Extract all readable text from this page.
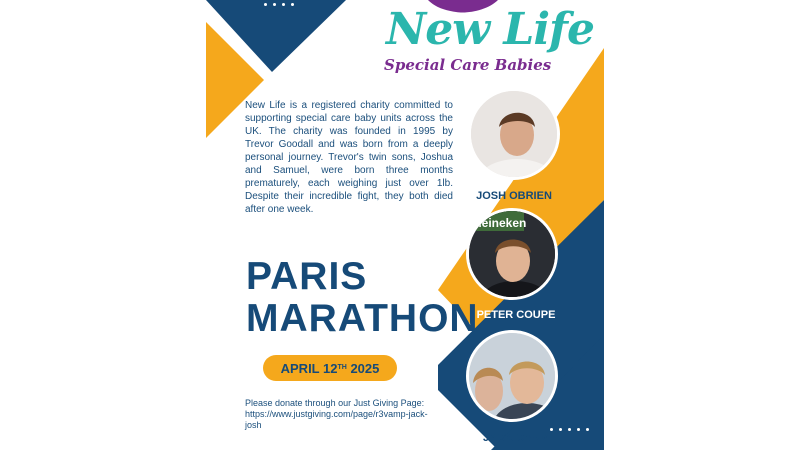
New Life
Special Care Babies

New Life is a registered charity committed to supporting special care baby units across the UK. The charity was founded in 1995 by Trevor Goodall and was born from a deeply personal journey. Trevor's twin sons, Joshua and Samuel, were born three months prematurely, each weighing just over 1lb. Despite their incredible fight, they both died after one week.

PARIS
MARATHON
APRIL 12TH
2025
Please donate through our Just Giving Page:
https://www.justgiving.com/page/r3vamp-jack-josh
JOSH OBRIEN
Heineken
PETER COUPE
JACK CRAM
